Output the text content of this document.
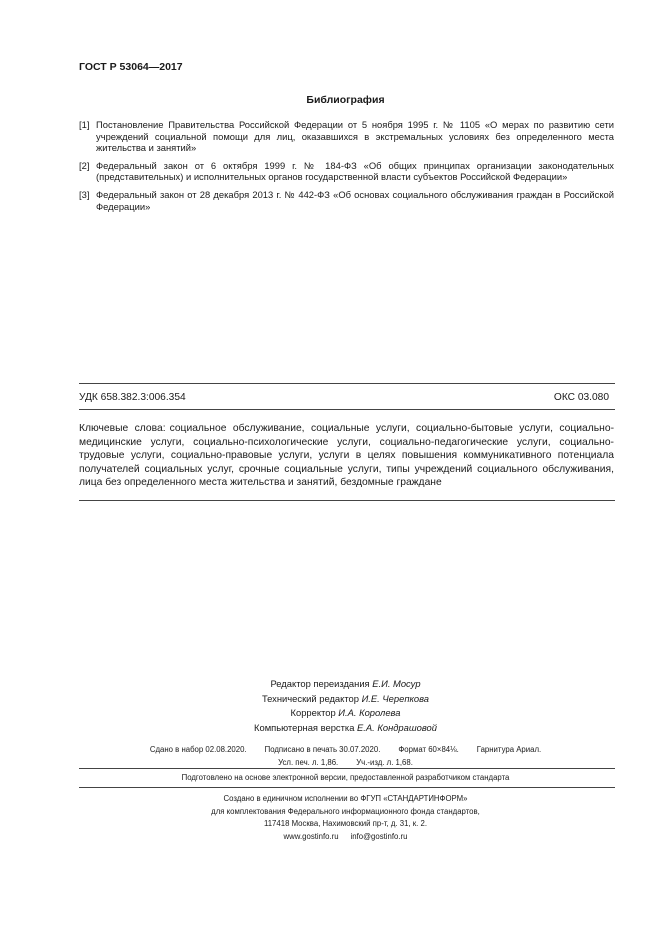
ГОСТ Р 53064—2017
Библиография
[1] Постановление Правительства Российской Федерации от 5 ноября 1995 г. № 1105 «О мерах по развитию сети учреждений социальной помощи для лиц, оказавшихся в экстремальных условиях без определенного места жительства и занятий»
[2] Федеральный закон от 6 октября 1999 г. № 184-ФЗ «Об общих принципах организации законодательных (представительных) и исполнительных органов государственной власти субъектов Российской Федерации»
[3] Федеральный закон от 28 декабря 2013 г. № 442-ФЗ «Об основах социального обслуживания граждан в Российской Федерации»
УДК 658.382.3:006.354	ОКС 03.080
Ключевые слова: социальное обслуживание, социальные услуги, социально-бытовые услуги, социально-медицинские услуги, социально-психологические услуги, социально-педагогические услуги, социально-трудовые услуги, социально-правовые услуги, услуги в целях повышения коммуникативного потенциала получателей социальных услуг, срочные социальные услуги, типы учреждений социального обслуживания, лица без определенного места жительства и занятий, бездомные граждане
Редактор переиздания Е.И. Мосур
Технический редактор И.Е. Черепкова
Корректор И.А. Королева
Компьютерная верстка Е.А. Кондрашовой
Сдано в набор 02.08.2020. Подписано в печать 30.07.2020. Формат 60×84⅛. Гарнитура Ариал.
Усл. печ. л. 1,86. Уч.-изд. л. 1,68.
Подготовлено на основе электронной версии, предоставленной разработчиком стандарта
Создано в единичном исполнении во ФГУП «СТАНДАРТИНФОРМ»
для комплектования Федерального информационного фонда стандартов,
117418 Москва, Нахимовский пр-т, д. 31, к. 2.
www.gostinfo.ru info@gostinfo.ru
